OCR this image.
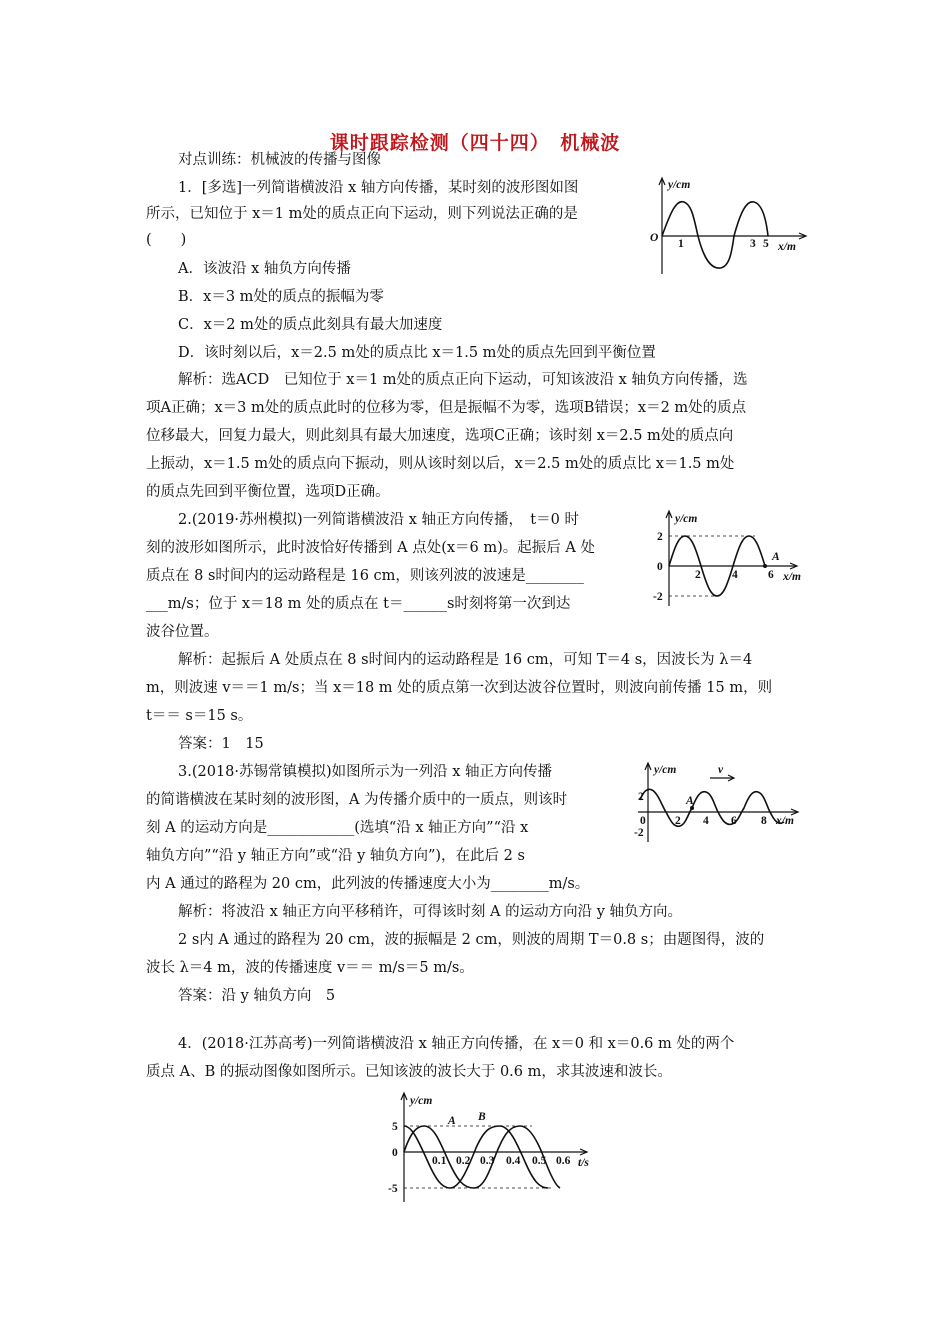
课时跟踪检测（四十四）　机械波
对点训练：机械波的传播与图像
1．[多选]一列简谐横波沿 x 轴方向传播，某时刻的波形图如图
所示，已知位于 x＝1 m处的质点正向下运动，则下列说法正确的是
(　　)
A．该波沿 x 轴负方向传播
B．x＝3 m处的质点的振幅为零
C．x＝2 m处的质点此刻具有最大加速度
D．该时刻以后，x＝2.5 m处的质点比 x＝1.5 m处的质点先回到平衡位置
解析：选ACD　已知位于 x＝1 m处的质点正向下运动，可知该波沿 x 轴负方向传播，选
项A正确；x＝3 m处的质点此时的位移为零，但是振幅不为零，选项B错误；x＝2 m处的质点
位移最大，回复力最大，则此刻具有最大加速度，选项C正确；该时刻 x＝2.5 m处的质点向
上振动，x＝1.5 m处的质点向下振动，则从该时刻以后，x＝2.5 m处的质点比 x＝1.5 m处
的质点先回到平衡位置，选项D正确。
y/cm
O 1	3 5 x/m
2.(2019·苏州模拟)一列简谐横波沿 x 轴正方向传播，　t＝0 时
刻的波形如图所示，此时波恰好传播到 A 点处(x＝6 m)。起振后 A 处
质点在 8 s时间内的运动路程是 16 cm，则该列波的波速是________
___m/s；位于 x＝18 m 处的质点在 t＝______s时刻将第一次到达
波谷位置。
解析：起振后 A 处质点在 8 s时间内的运动路程是 16 cm，可知 T＝4 s，因波长为 λ＝4
m，则波速 v＝＝1 m/s；当 x＝18 m 处的质点第一次到达波谷位置时，则波向前传播 15 m，则
t＝＝ s＝15 s。
答案：1　15
y/cm
2
-2
0
2	4	6
A
x/m
3.(2018·苏锡常镇模拟)如图所示为一列沿 x 轴正方向传播
的简谐横波在某时刻的波形图，A 为传播介质中的一质点，则该时
刻 A 的运动方向是____________(选填“沿 x 轴正方向”“沿 x
轴负方向”“沿 y 轴正方向”或“沿 y 轴负方向”)，在此后 2 s
内 A 通过的路程为 20 cm，此列波的传播速度大小为________m/s。
解析：将波沿 x 轴正方向平移稍许，可得该时刻 A 的运动方向沿 y 轴负方向。
2 s内 A 通过的路程为 20 cm，波的振幅是 2 cm，则波的周期 T＝0.8 s；由题图得，波的
波长 λ＝4 m，波的传播速度 v＝＝ m/s＝5 m/s。
答案：沿 y 轴负方向　5
v
y/cm
2
-2
0
A
2 4 6 8 x/m
4．(2018·江苏高考)一列简谐横波沿 x 轴正方向传播，在 x＝0 和 x＝0.6 m 处的两个
质点 A、B 的振动图像如图所示。已知该波的波长大于 0.6 m，求其波速和波长。
y/cm
5
-5
0
A B
0.1 0.2 0.3 0.4 0.5 0.6 t/s
